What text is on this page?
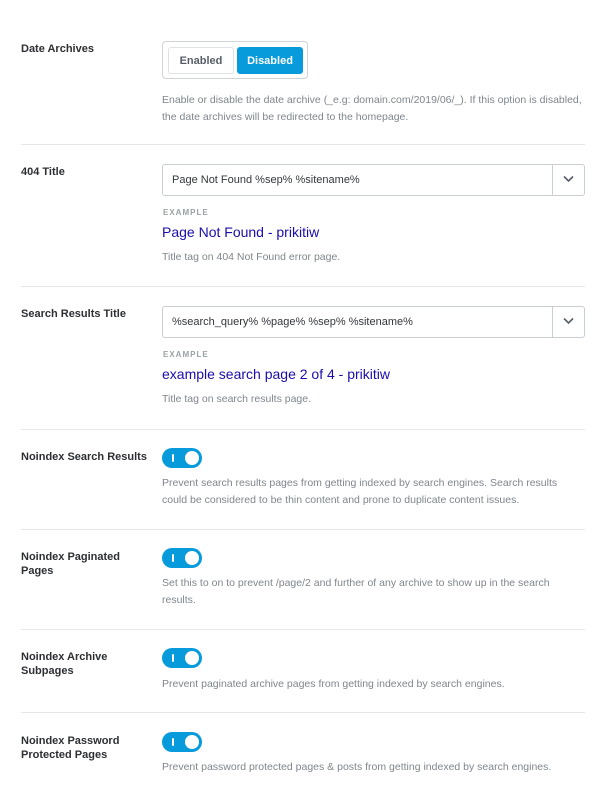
Date Archives
Enabled	Disabled
Enable or disable the date archive (_e.g: domain.com/2019/06/_). If this option is disabled, the date archives will be redirected to the homepage.
404 Title
Page Not Found %sep% %sitename%
EXAMPLE
Page Not Found - prikitiw
Title tag on 404 Not Found error page.
Search Results Title
%search_query% %page% %sep% %sitename%
EXAMPLE
example search page 2 of 4 - prikitiw
Title tag on search results page.
Noindex Search Results
Prevent search results pages from getting indexed by search engines. Search results could be considered to be thin content and prone to duplicate content issues.
Noindex Paginated Pages
Set this to on to prevent /page/2 and further of any archive to show up in the search results.
Noindex Archive Subpages
Prevent paginated archive pages from getting indexed by search engines.
Noindex Password Protected Pages
Prevent password protected pages & posts from getting indexed by search engines.
